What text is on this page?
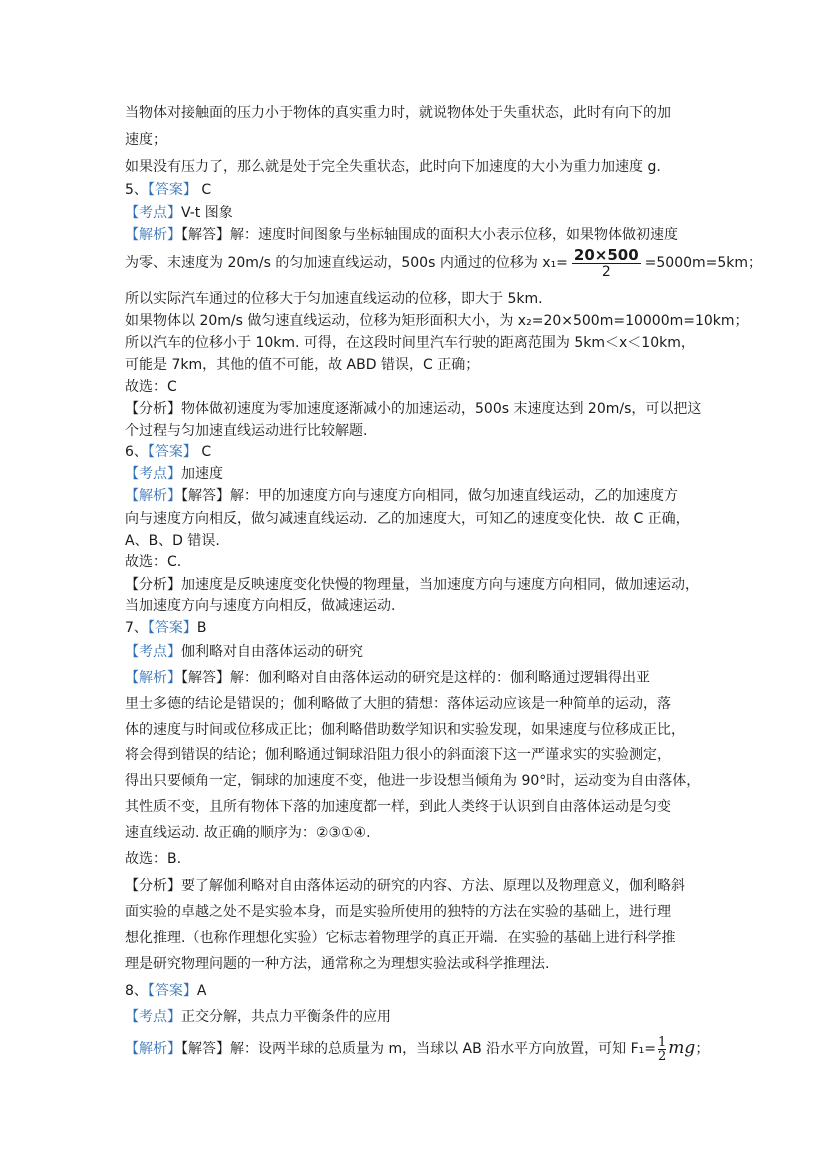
当物体对接触面的压力小于物体的真实重力时，就说物体处于失重状态，此时有向下的加
速度；
如果没有压力了，那么就是处于完全失重状态，此时向下加速度的大小为重力加速度 g.
5、【答案】 C
【考点】V-t 图象
【解析】【解答】解：速度时间图象与坐标轴围成的面积大小表示位移，如果物体做初速度
为零、末速度为 20m/s 的匀加速直线运动，500s 内通过的位移为 $x_1= \frac{20\times 500}{2} =5000m=5km$；
所以实际汽车通过的位移大于匀加速直线运动的位移，即大于 5km.
如果物体以 20m/s 做匀速直线运动，位移为矩形面积大小，为 x₂=20×500m=10000m=10km；
所以汽车的位移小于 10km. 可得，在这段时间里汽车行驶的距离范围为 5km＜x＜10km，
可能是 7km，其他的值不可能，故 ABD 错误，C 正确；
故选：C
【分析】物体做初速度为零加速度逐渐减小的加速运动，500s 末速度达到 20m/s，可以把这
个过程与匀加速直线运动进行比较解题.
6、【答案】 C
【考点】加速度
【解析】【解答】解：甲的加速度方向与速度方向相同，做匀加速直线运动，乙的加速度方
向与速度方向相反，做匀减速直线运动．乙的加速度大，可知乙的速度变化快．故 C 正确，
A、B、D 错误.
故选：C.
【分析】加速度是反映速度变化快慢的物理量，当加速度方向与速度方向相同，做加速运动，
当加速度方向与速度方向相反，做减速运动.
7、【答案】B
【考点】伽利略对自由落体运动的研究
【解析】【解答】解：伽利略对自由落体运动的研究是这样的：伽利略通过逻辑得出亚
里士多德的结论是错误的；伽利略做了大胆的猜想：落体运动应该是一种简单的运动，落
体的速度与时间或位移成正比；伽利略借助数学知识和实验发现，如果速度与位移成正比，
将会得到错误的结论；伽利略通过铜球沿阻力很小的斜面滚下这一严谨求实的实验测定，
得出只要倾角一定，铜球的加速度不变，他进一步设想当倾角为 90°时，运动变为自由落体，
其性质不变，且所有物体下落的加速度都一样，到此人类终于认识到自由落体运动是匀变
速直线运动. 故正确的顺序为：②③①④.
故选：B.
【分析】要了解伽利略对自由落体运动的研究的内容、方法、原理以及物理意义，伽利略斜
面实验的卓越之处不是实验本身，而是实验所使用的独特的方法在实验的基础上，进行理
想化推理.（也称作理想化实验）它标志着物理学的真正开端．在实验的基础上进行科学推
理是研究物理问题的一种方法，通常称之为理想实验法或科学推理法.
8、【答案】A
【考点】正交分解，共点力平衡条件的应用
【解析】【解答】解：设两半球的总质量为 m，当球以 AB 沿水平方向放置，可知 $F_1= \frac{1}{2}$ mg；
